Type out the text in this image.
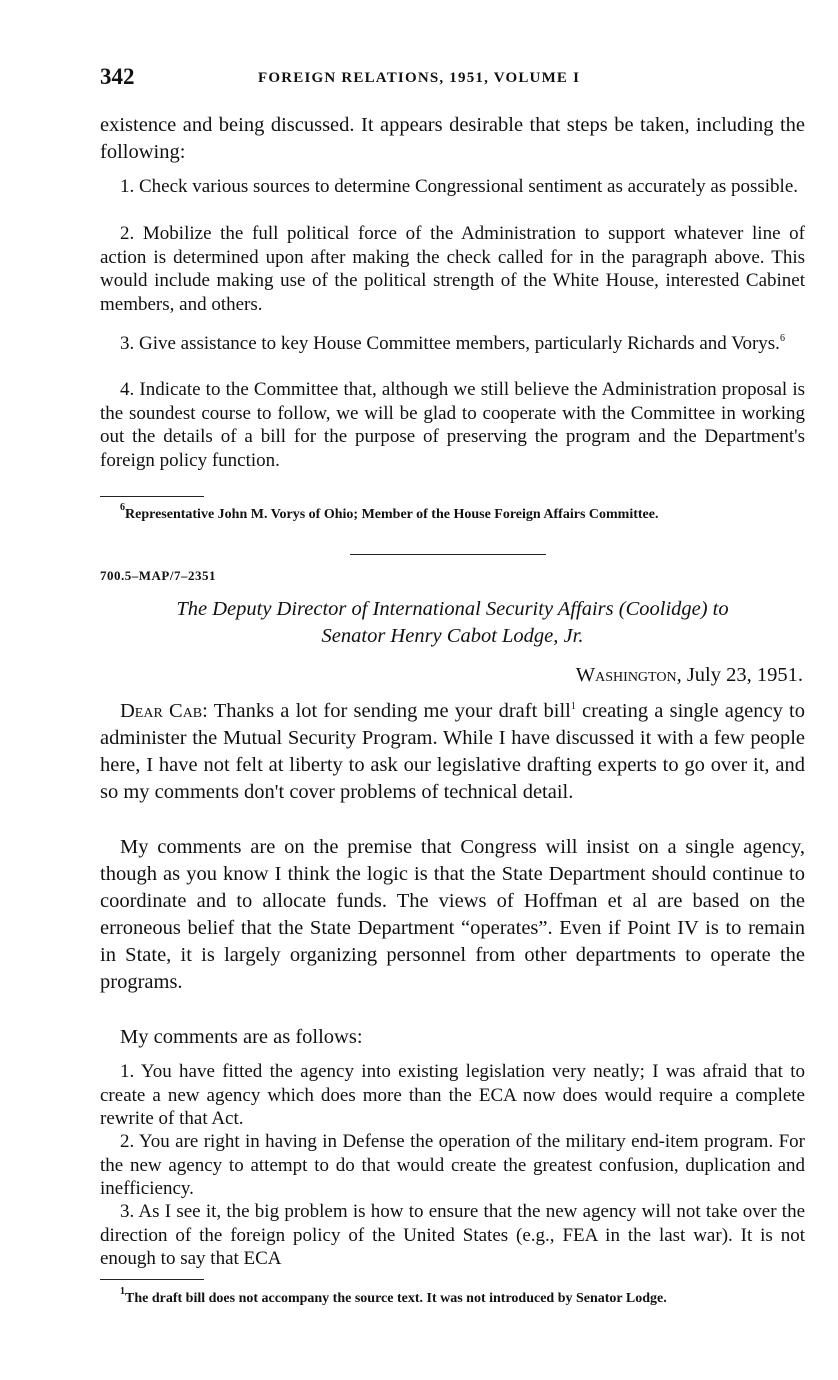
342	FOREIGN RELATIONS, 1951, VOLUME I

existence and being discussed. It appears desirable that steps be taken, including the following:

1. Check various sources to determine Congressional sentiment as accurately as possible.

2. Mobilize the full political force of the Administration to support whatever line of action is determined upon after making the check called for in the paragraph above. This would include making use of the political strength of the White House, interested Cabinet members, and others.

3. Give assistance to key House Committee members, particularly Richards and Vorys.$^6$

4. Indicate to the Committee that, although we still believe the Administration proposal is the soundest course to follow, we will be glad to cooperate with the Committee in working out the details of a bill for the purpose of preserving the program and the Department's foreign policy function.

$^6$Representative John M. Vorys of Ohio; Member of the House Foreign Affairs Committee.

700.5–MAP/7–2351

The Deputy Director of International Security Affairs (Coolidge) to
Senator Henry Cabot Lodge, Jr.

Washington, July 23, 1951.

Dear Cab: Thanks a lot for sending me your draft bill$^1$ creating a single agency to administer the Mutual Security Program. While I have discussed it with a few people here, I have not felt at liberty to ask our legislative drafting experts to go over it, and so my comments don't cover problems of technical detail.

My comments are on the premise that Congress will insist on a single agency, though as you know I think the logic is that the State Department should continue to coordinate and to allocate funds. The views of Hoffman et al are based on the erroneous belief that the State Department “operates”. Even if Point IV is to remain in State, it is largely organizing personnel from other departments to operate the programs.

My comments are as follows:

1. You have fitted the agency into existing legislation very neatly; I was afraid that to create a new agency which does more than the ECA now does would require a complete rewrite of that Act.

2. You are right in having in Defense the operation of the military end-item program. For the new agency to attempt to do that would create the greatest confusion, duplication and inefficiency.

3. As I see it, the big problem is how to ensure that the new agency will not take over the direction of the foreign policy of the United States (e.g., FEA in the last war). It is not enough to say that ECA

$^1$The draft bill does not accompany the source text. It was not introduced by Senator Lodge.
